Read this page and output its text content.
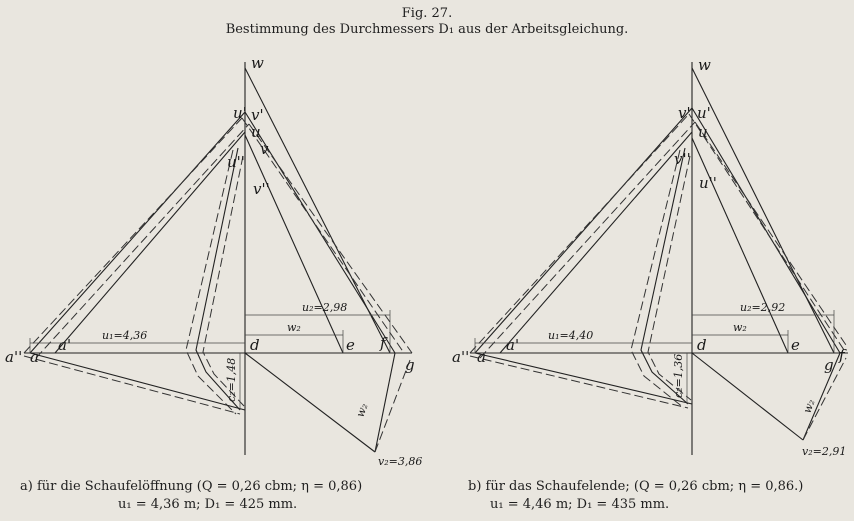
Fig. 27.
Bestimmung des Durchmessers D₁ aus der Arbeitsgleichung.
w
u' v'
u
v
u''
v''
a'' a
a'	d	e f
g
u₁=4,36
u₂=2,98
w₂
c₂=1,48
w₂
v₂=3,86
w
v' u'
u
v''
u''
a'' a
a'	d	e
f
g
u₁=4,40
u₂=2,92
w₂
c₂=1,36
w₂
v₂=2,91
a) für die Schaufelöffnung (Q = 0,26 cbm; η = 0,86)
u₁ = 4,36 m; D₁ = 425 mm.
b) für das Schaufelende; (Q = 0,26 cbm; η = 0,86.)
u₁ = 4,46 m; D₁ = 435 mm.
